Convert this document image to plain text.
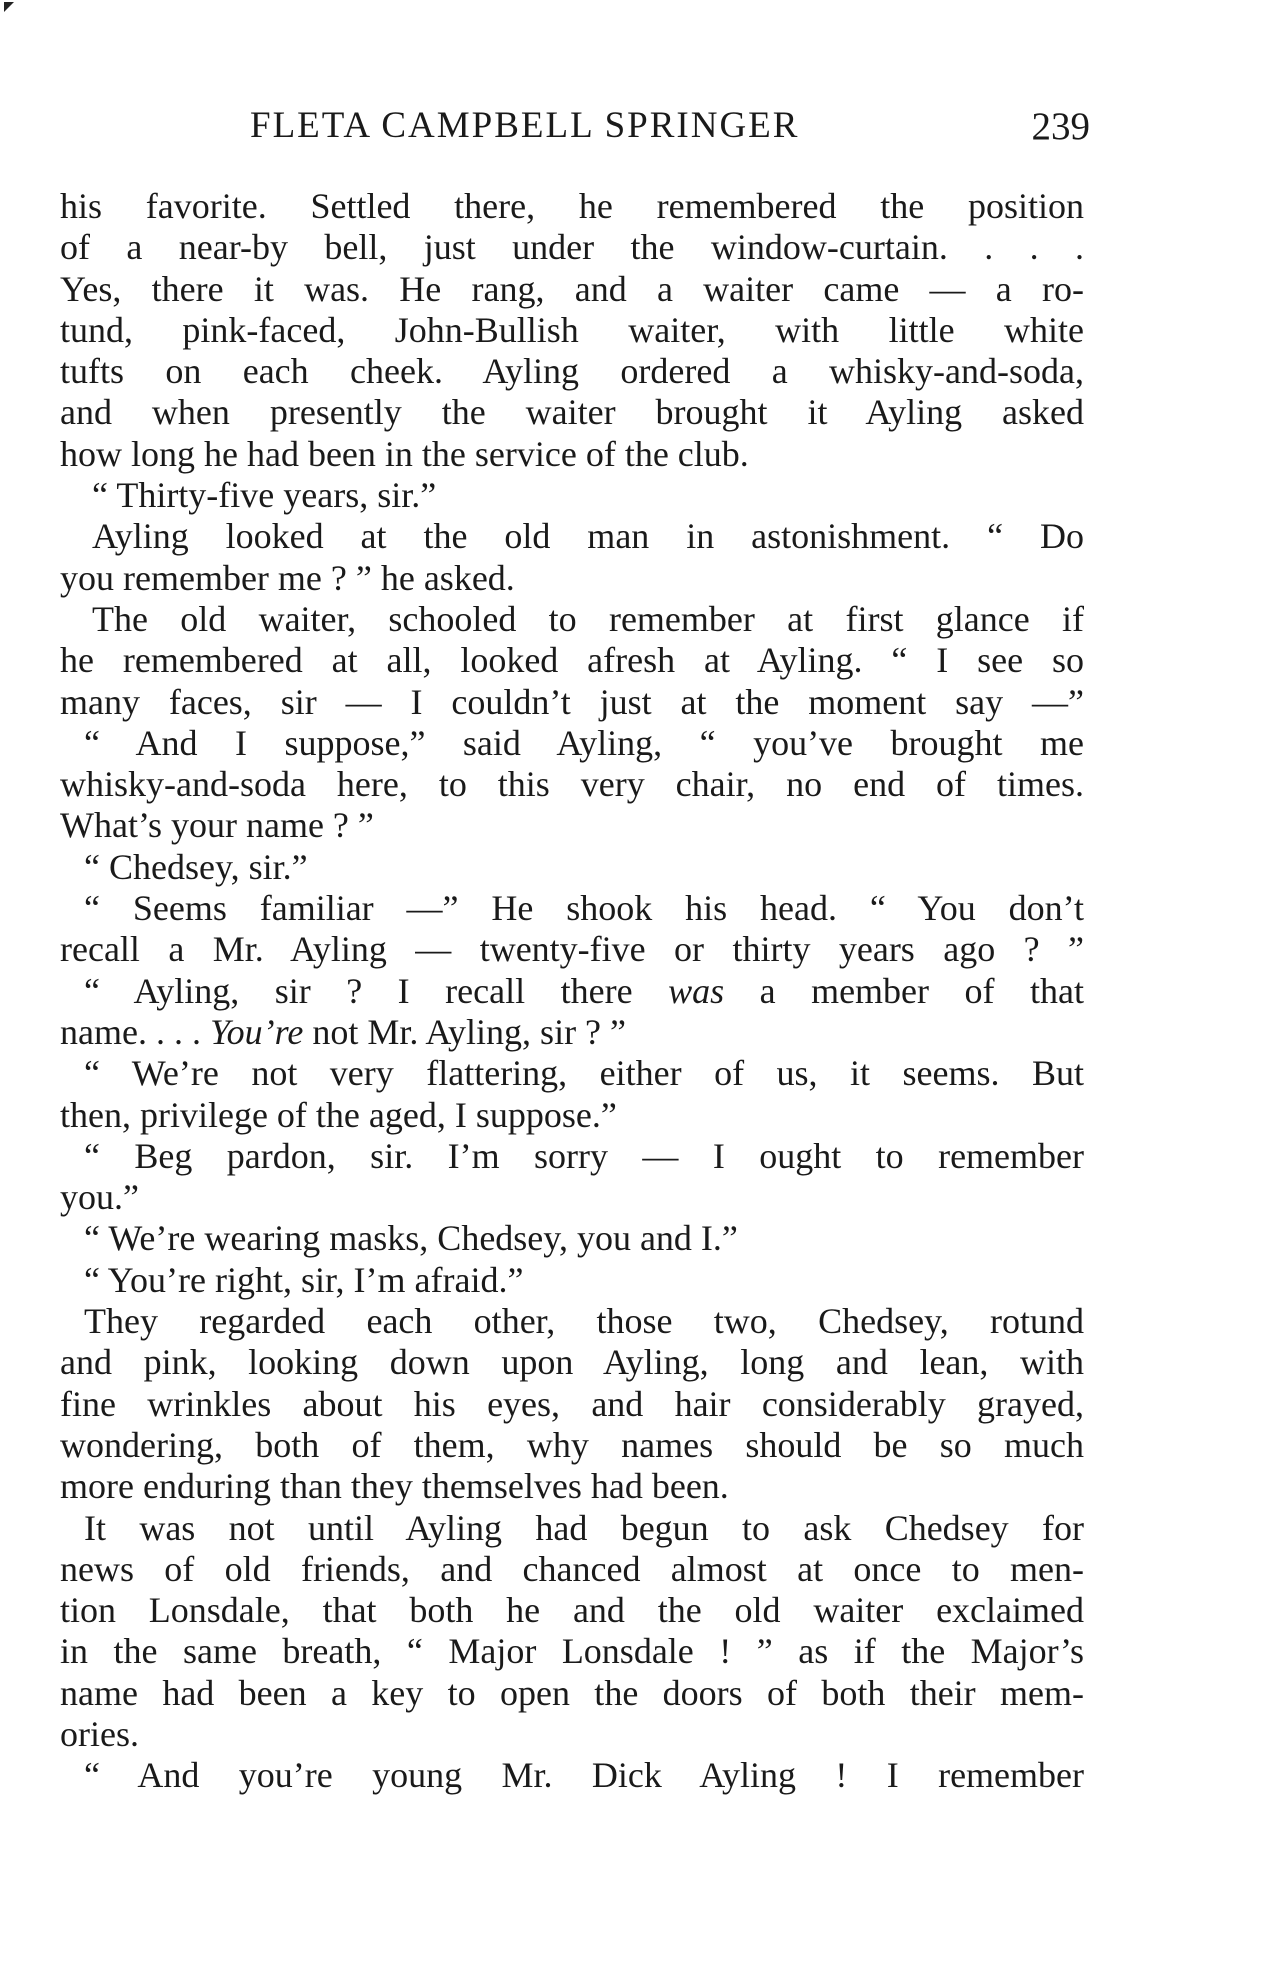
FLETA CAMPBELL SPRINGER	239
his favorite. Settled there, he remembered the position
of a near-by bell, just under the window-curtain. . . .
Yes, there it was. He rang, and a waiter came — a ro-
tund, pink-faced, John-Bullish waiter, with little white
tufts on each cheek. Ayling ordered a whisky-and-soda,
and when presently the waiter brought it Ayling asked
how long he had been in the service of the club.
“ Thirty-five years, sir.”
Ayling looked at the old man in astonishment. “ Do
you remember me ? ” he asked.
The old waiter, schooled to remember at first glance if
he remembered at all, looked afresh at Ayling. “ I see so
many faces, sir — I couldn’t just at the moment say —”
“ And I suppose,” said Ayling, “ you’ve brought me
whisky-and-soda here, to this very chair, no end of times.
What’s your name ? ”
“ Chedsey, sir.”
“ Seems familiar —” He shook his head. “ You don’t
recall a Mr. Ayling — twenty-five or thirty years ago ? ”
“ Ayling, sir ? I recall there was a member of that
name. . . . You’re not Mr. Ayling, sir ? ”
“ We’re not very flattering, either of us, it seems. But
then, privilege of the aged, I suppose.”
“ Beg pardon, sir. I’m sorry — I ought to remember
you.”
“ We’re wearing masks, Chedsey, you and I.”
“ You’re right, sir, I’m afraid.”
They regarded each other, those two, Chedsey, rotund
and pink, looking down upon Ayling, long and lean, with
fine wrinkles about his eyes, and hair considerably grayed,
wondering, both of them, why names should be so much
more enduring than they themselves had been.
It was not until Ayling had begun to ask Chedsey for
news of old friends, and chanced almost at once to men-
tion Lonsdale, that both he and the old waiter exclaimed
in the same breath, “ Major Lonsdale ! ” as if the Major’s
name had been a key to open the doors of both their mem-
ories.
“ And you’re young Mr. Dick Ayling ! I remember
